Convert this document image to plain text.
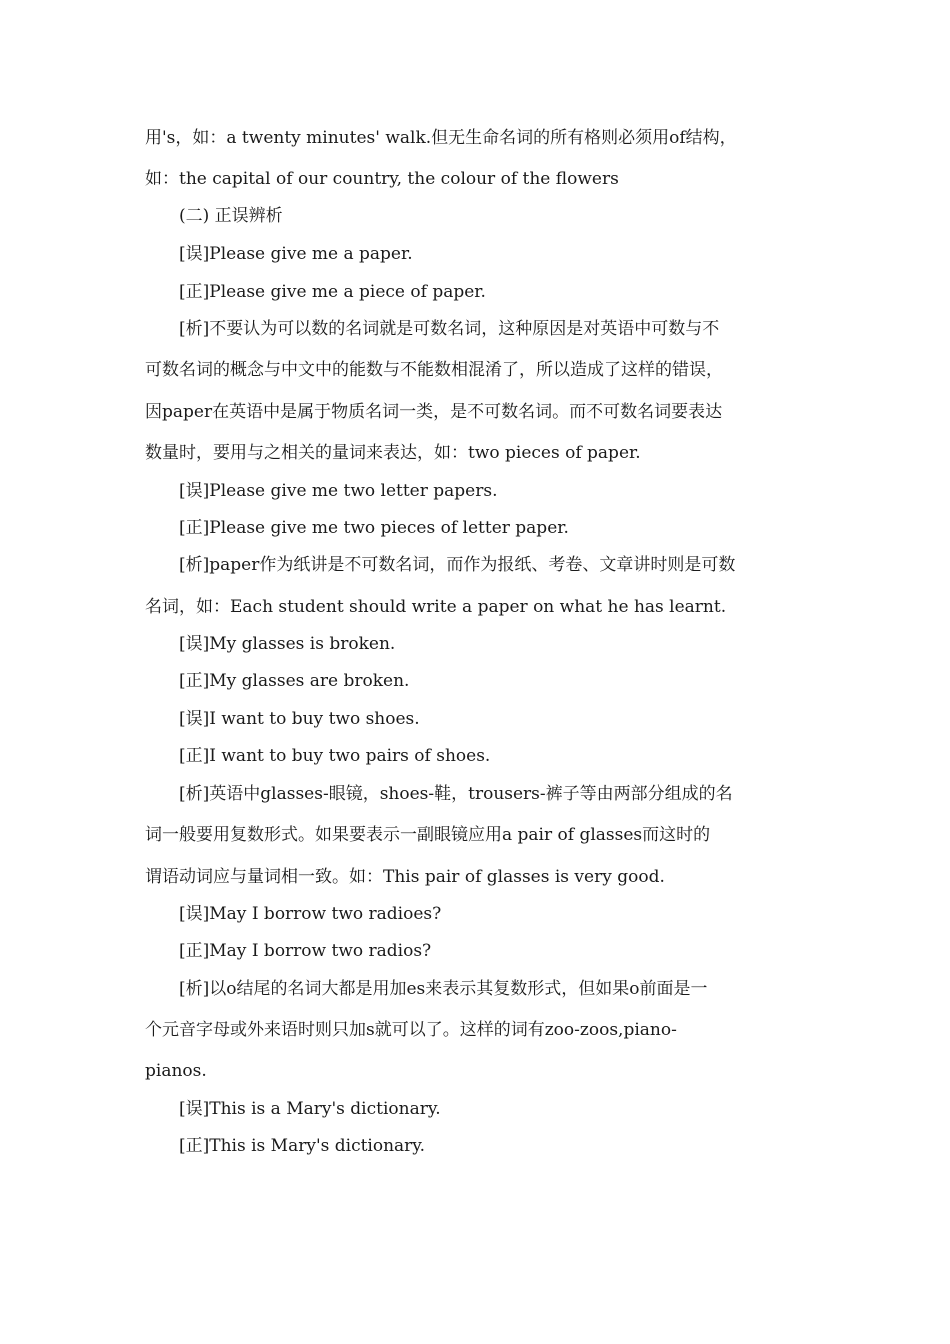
用's，如：a twenty minutes' walk.但无生命名词的所有格则必须用of结构，
如：the capital of our country, the colour of the flowers
(二) 正误辨析
[误]Please give me a paper.
[正]Please give me a piece of paper.
[析]不要认为可以数的名词就是可数名词，这种原因是对英语中可数与不
可数名词的概念与中文中的能数与不能数相混淆了，所以造成了这样的错误，
因paper在英语中是属于物质名词一类，是不可数名词。而不可数名词要表达
数量时，要用与之相关的量词来表达，如：two pieces of paper.
[误]Please give me two letter papers.
[正]Please give me two pieces of letter paper.
[析]paper作为纸讲是不可数名词，而作为报纸、考卷、文章讲时则是可数
名词，如：Each student should write a paper on what he has learnt.
[误]My glasses is broken.
[正]My glasses are broken.
[误]I want to buy two shoes.
[正]I want to buy two pairs of shoes.
[析]英语中glasses-眼镜，shoes-鞋，trousers-裤子等由两部分组成的名
词一般要用复数形式。如果要表示一副眼镜应用a pair of glasses而这时的
谓语动词应与量词相一致。如：This pair of glasses is very good.
[误]May I borrow two radioes?
[正]May I borrow two radios?
[析]以o结尾的名词大都是用加es来表示其复数形式，但如果o前面是一
个元音字母或外来语时则只加s就可以了。这样的词有zoo-zoos,piano-
pianos.
[误]This is a Mary's dictionary.
[正]This is Mary's dictionary.
